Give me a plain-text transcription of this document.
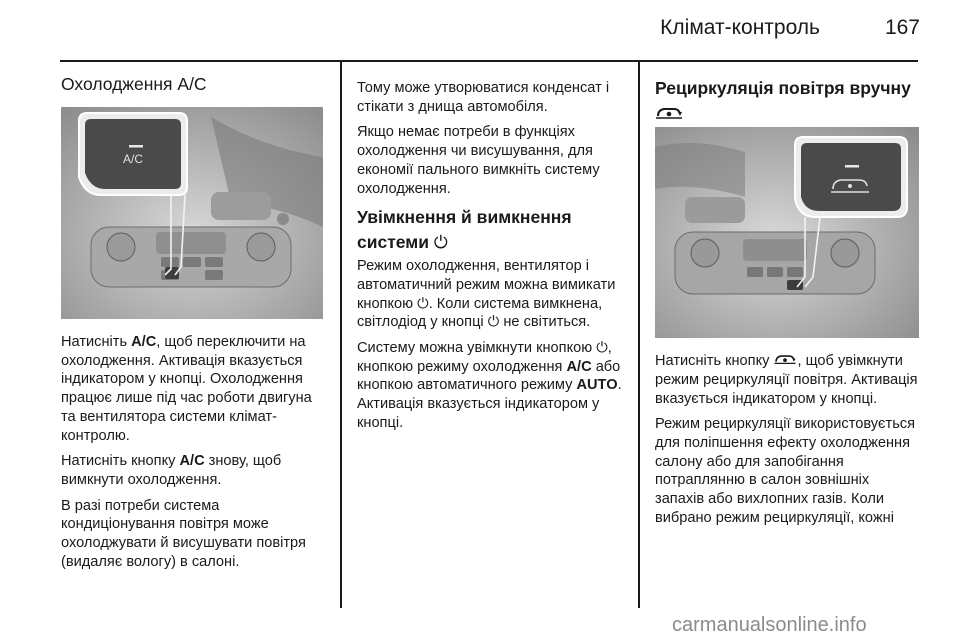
Клімат-контроль	167
Охолодження A/C
A/C

Натисніть A/C, щоб переключити на охолодження. Активація вказується індикатором у кнопці. Охолодження працює лише під час роботи двигуна та вентилятора системи клімат-контролю.

Натисніть кнопку A/C знову, щоб вимкнути охолодження.

В разі потреби система кондиціонування повітря може охолоджувати й висушувати повітря (видаляє вологу) в салоні.

Тому може утворюватися конденсат і стікати з днища автомобіля.

Якщо немає потреби в функціях охолодження чи висушування, для економії пального вимкніть систему охолодження.

Увімкнення й вимкнення системи ⏻

Режим охолодження, вентилятор і автоматичний режим можна вимикати кнопкою ⏻. Коли система вимкнена, світлодіод у кнопці ⏻ не світиться.

Систему можна увімкнути кнопкою ⏻, кнопкою режиму охолодження A/C або кнопкою автоматичного режиму AUTO. Активація вказується індикатором у кнопці.

Рециркуляція повітря вручну

Натисніть кнопку , щоб увімкнути режим рециркуляції повітря. Активація вказується індикатором у кнопці.

Режим рециркуляції використовується для поліпшення ефекту охолодження салону або для запобігання потраплянню в салон зовнішніх запахів або вихлопних газів. Коли вибрано режим рециркуляції, кожні

carmanualsonline.info
